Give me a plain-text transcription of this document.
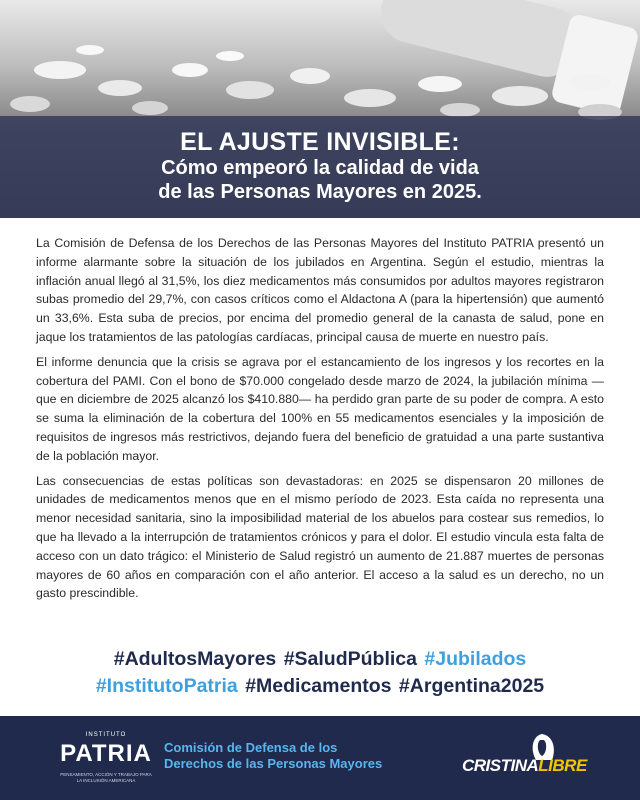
EL AJUSTE INVISIBLE:
Cómo empeoró la calidad de vida
de las Personas Mayores en 2025.

La Comisión de Defensa de los Derechos de las Personas Mayores del Instituto PATRIA presentó un informe alarmante sobre la situación de los jubilados en Argentina. Según el estudio, mientras la inflación anual llegó al 31,5%, los diez medicamentos más consumidos por adultos mayores registraron subas promedio del 29,7%, con casos críticos como el Aldactona A (para la hipertensión) que aumentó un 33,6%. Esta suba de precios, por encima del promedio general de la canasta de salud, pone en jaque los tratamientos de las patologías cardíacas, principal causa de muerte en nuestro país.

El informe denuncia que la crisis se agrava por el estancamiento de los ingresos y los recortes en la cobertura del PAMI. Con el bono de $70.000 congelado desde marzo de 2024, la jubilación mínima —que en diciembre de 2025 alcanzó los $410.880— ha perdido gran parte de su poder de compra. A esto se suma la eliminación de la cobertura del 100% en 55 medicamentos esenciales y la imposición de requisitos de ingresos más restrictivos, dejando fuera del beneficio de gratuidad a una parte sustantiva de la población mayor.

Las consecuencias de estas políticas son devastadoras: en 2025 se dispensaron 20 millones de unidades de medicamentos menos que en el mismo período de 2023. Esta caída no representa una menor necesidad sanitaria, sino la imposibilidad material de los abuelos para costear sus remedios, lo que ha llevado a la interrupción de tratamientos crónicos y para el dolor. El estudio vincula esta falta de acceso con un dato trágico: el Ministerio de Salud registró un aumento de 21.887 muertes de personas mayores de 60 años en comparación con el año anterior. El acceso a la salud es un derecho, no un gasto prescindible.

#AdultosMayores #SaludPública #Jubilados
#InstitutoPatria #Medicamentos #Argentina2025
INSTITUTO
PATRIA
PENSAMIENTO, ACCIÓN Y TRABAJO PARA LA INCLUSIÓN AMERICANA
Comisión de Defensa de los
Derechos de las Personas Mayores	CRISTINALIBRE
